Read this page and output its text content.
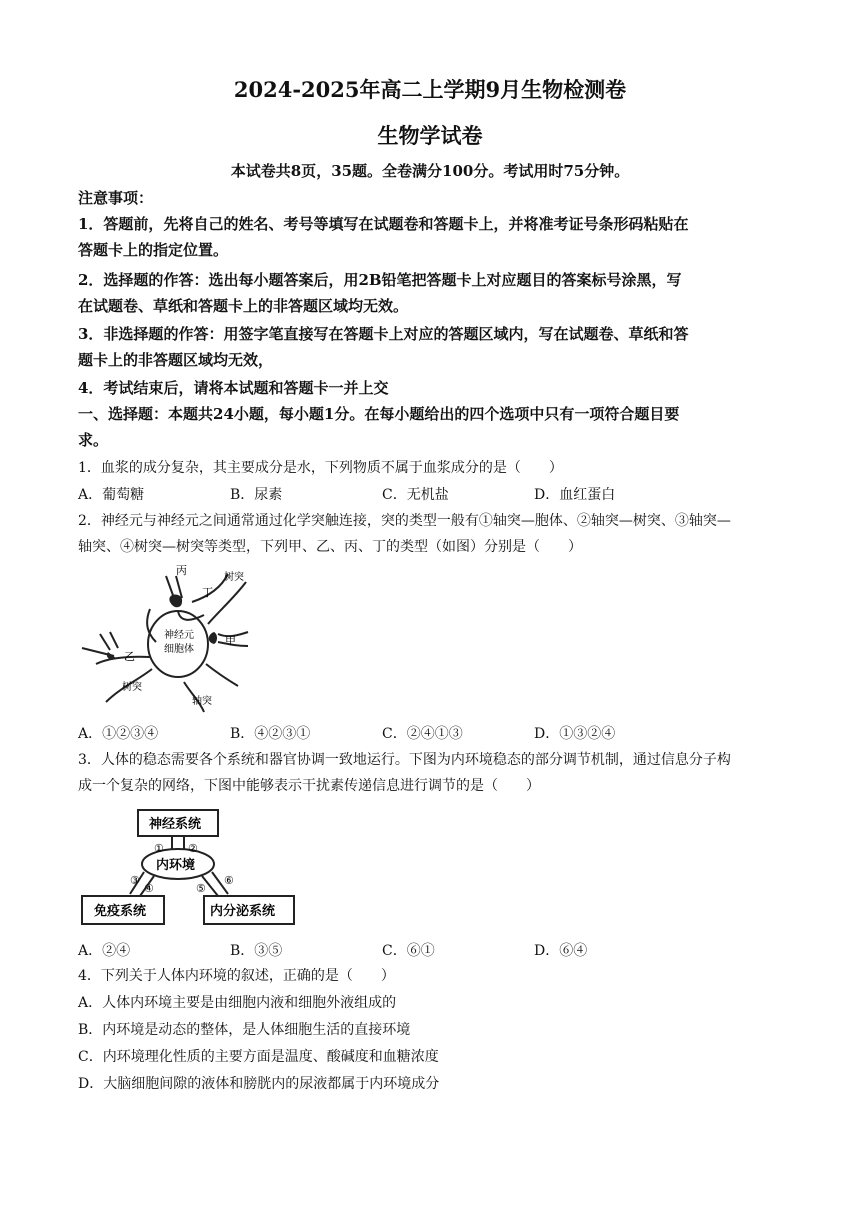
2024-2025年高二上学期9月生物检测卷
生物学试卷
本试卷共8页，35题。全卷满分100分。考试用时75分钟。
注意事项：
1．答题前，先将自己的姓名、考号等填写在试题卷和答题卡上，并将准考证号条形码粘贴在
答题卡上的指定位置。
2．选择题的作答：选出每小题答案后，用2B铅笔把答题卡上对应题目的答案标号涂黑，写
在试题卷、草纸和答题卡上的非答题区域均无效。
3．非选择题的作答：用签字笔直接写在答题卡上对应的答题区域内，写在试题卷、草纸和答
题卡上的非答题区域均无效，
4．考试结束后，请将本试题和答题卡一并上交
一、选择题：本题共24小题，每小题1分。在每小题给出的四个选项中只有一项符合题目要
求。
1．血浆的成分复杂，其主要成分是水，下列物质不属于血浆成分的是（　　）
A．葡萄糖	B．尿素	C．无机盐	D．血红蛋白
2．神经元与神经元之间通常通过化学突触连接，突的类型一般有①轴突—胞体、②轴突—树突、③轴突—
轴突、④树突—树突等类型，下列甲、乙、丙、丁的类型（如图）分别是（　　）
丙
丁
树突
甲
乙
树突
轴突
神经元
细胞体
A．①②③④	B．④②③①	C．②④①③	D．①③②④
3．人体的稳态需要各个系统和器官协调一致地运行。下图为内环境稳态的部分调节机制，通过信息分子构
成一个复杂的网络，下图中能够表示干扰素传递信息进行调节的是（　　）
神经系统
内环境
免疫系统	内分泌系统
① ②
③
④	⑤
⑥
A．②④	B．③⑤	C．⑥①	D．⑥④
4．下列关于人体内环境的叙述，正确的是（　　）
A．人体内环境主要是由细胞内液和细胞外液组成的
B．内环境是动态的整体，是人体细胞生活的直接环境
C．内环境理化性质的主要方面是温度、酸碱度和血糖浓度
D．大脑细胞间隙的液体和膀胱内的尿液都属于内环境成分
